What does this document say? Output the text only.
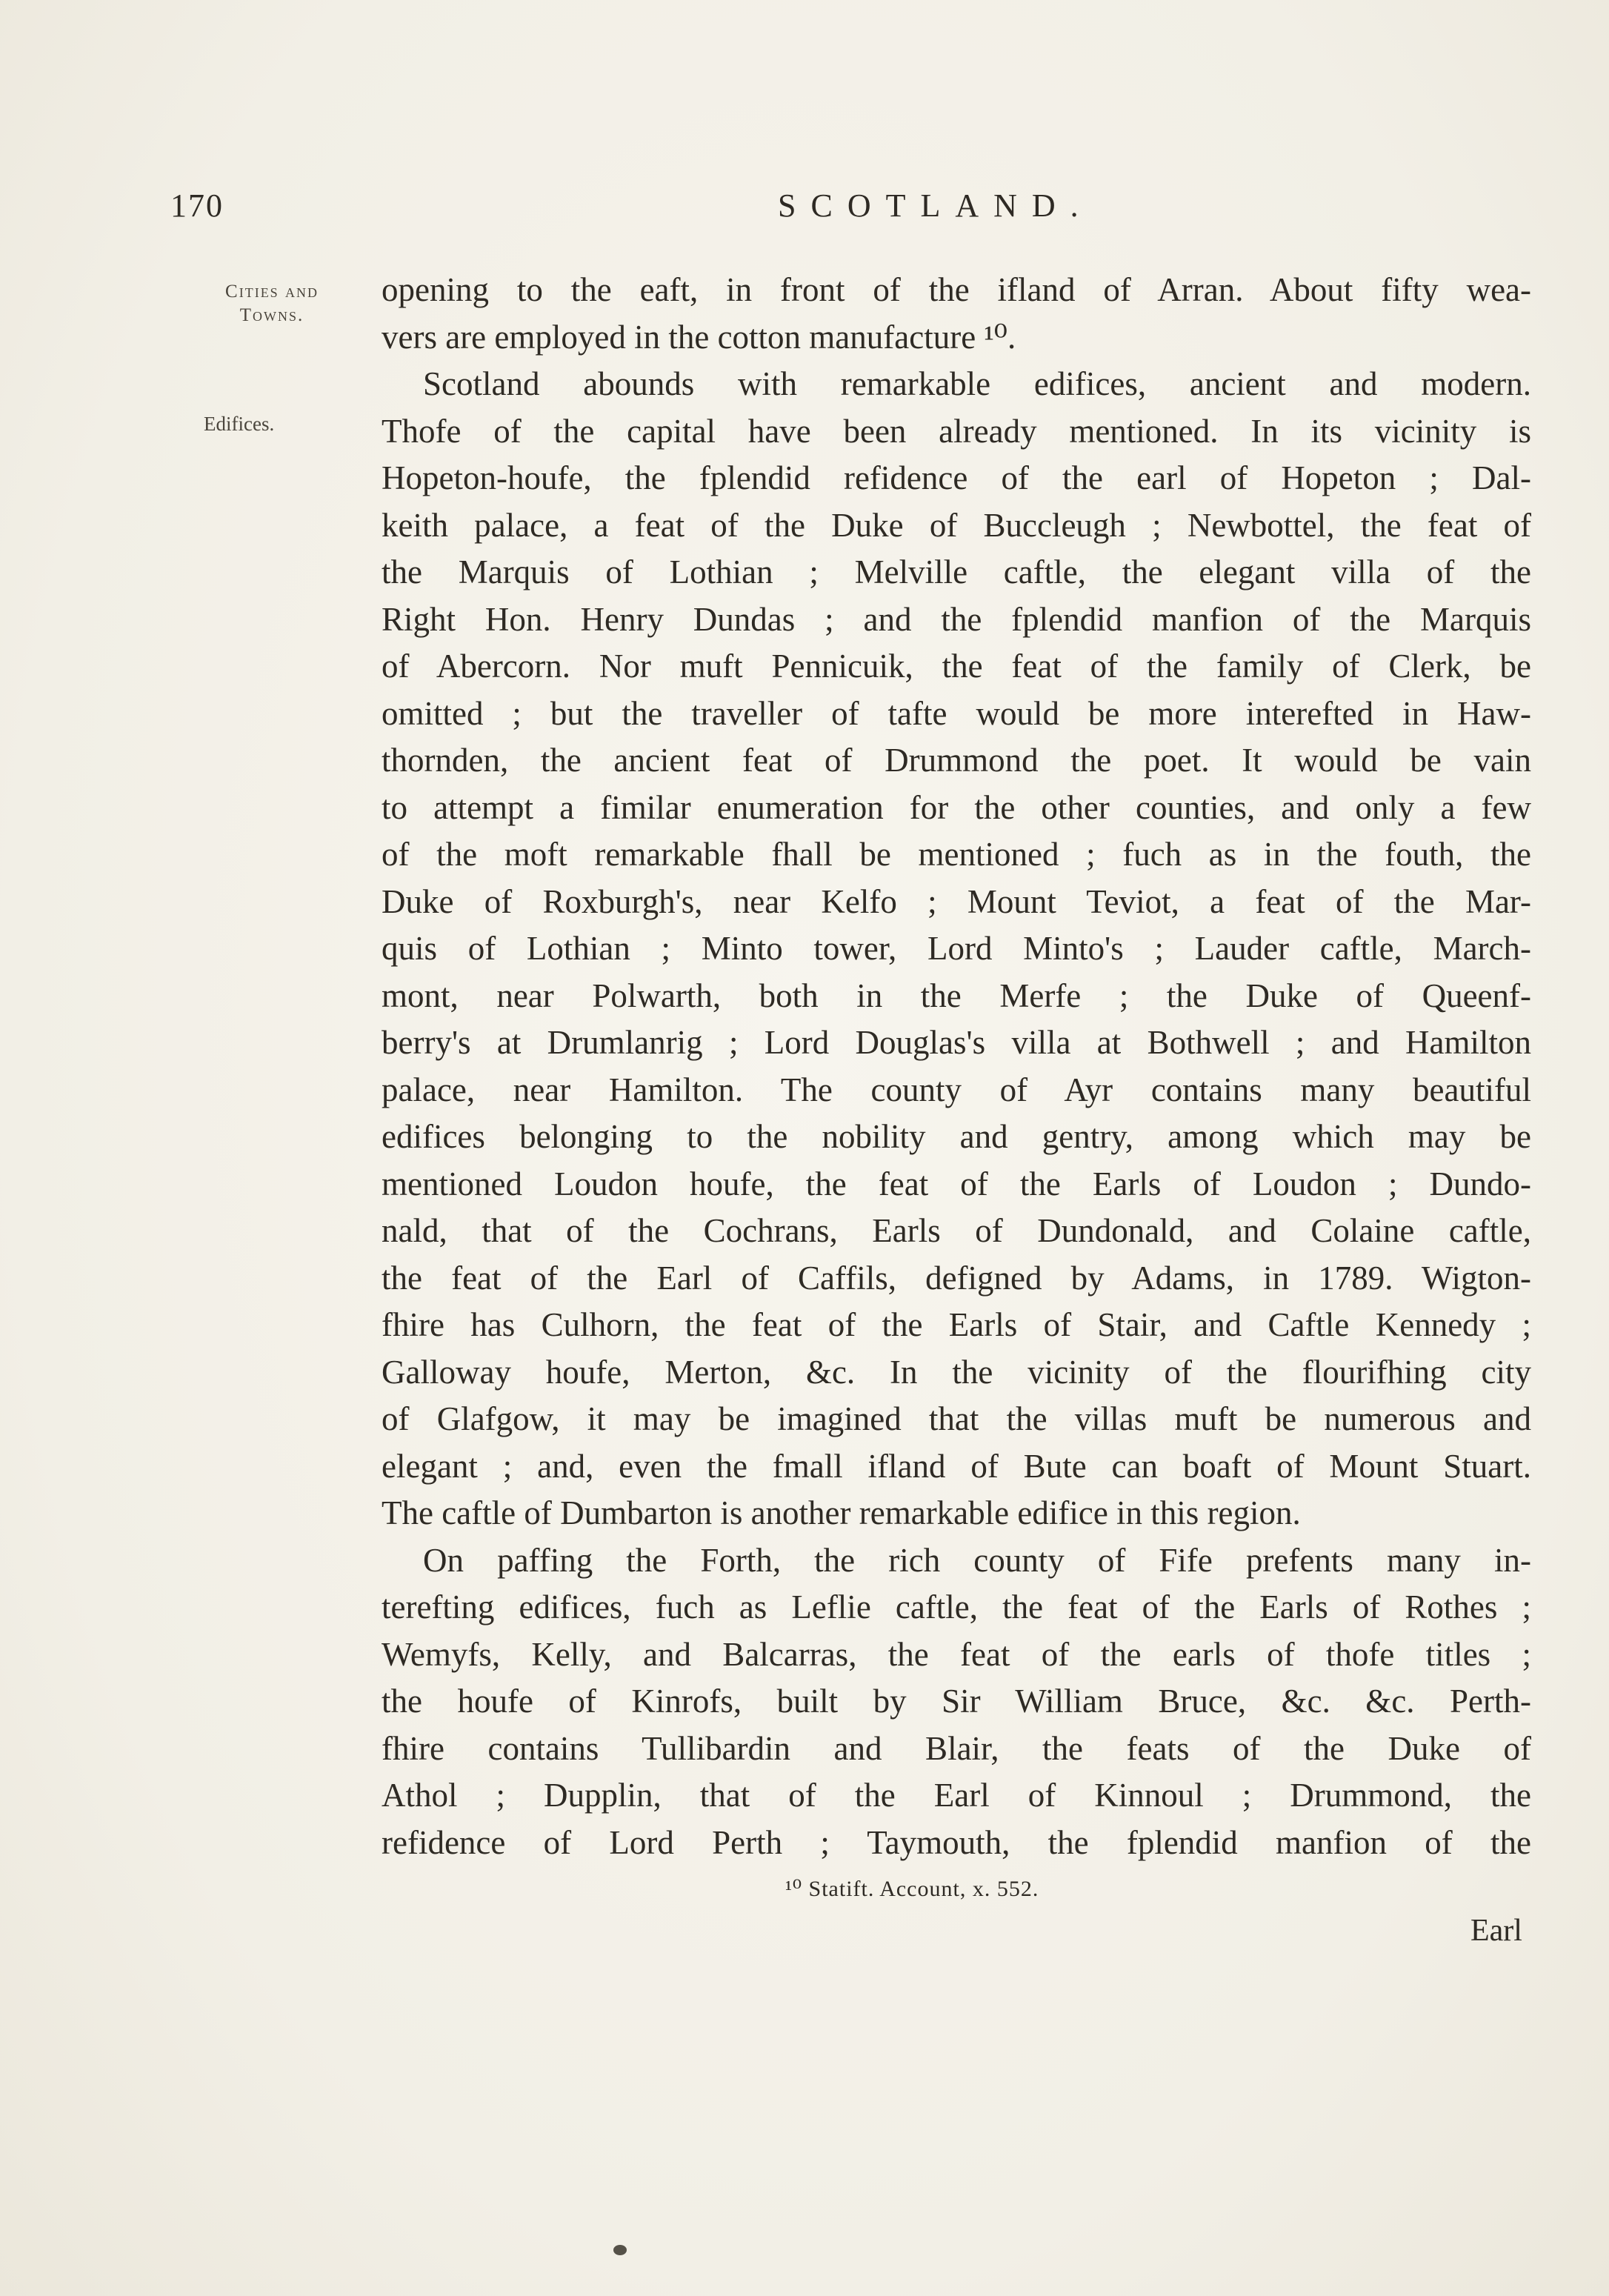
170	SCOTLAND.
Cities and Towns.
Edifices.
opening to the eaft, in front of the ifland of Arran. About fifty wea-
vers are employed in the cotton manufacture ¹⁰.
Scotland abounds with remarkable edifices, ancient and modern.
Thofe of the capital have been already mentioned. In its vicinity is
Hopeton-houfe, the fplendid refidence of the earl of Hopeton ; Dal-
keith palace, a feat of the Duke of Buccleugh ; Newbottel, the feat of
the Marquis of Lothian ; Melville caftle, the elegant villa of the
Right Hon. Henry Dundas ; and the fplendid manfion of the Marquis
of Abercorn. Nor muft Pennicuik, the feat of the family of Clerk, be
omitted ; but the traveller of tafte would be more interefted in Haw-
thornden, the ancient feat of Drummond the poet. It would be vain
to attempt a fimilar enumeration for the other counties, and only a few
of the moft remarkable fhall be mentioned ; fuch as in the fouth, the
Duke of Roxburgh's, near Kelfo ; Mount Teviot, a feat of the Mar-
quis of Lothian ; Minto tower, Lord Minto's ; Lauder caftle, March-
mont, near Polwarth, both in the Merfe ; the Duke of Queenf-
berry's at Drumlanrig ; Lord Douglas's villa at Bothwell ; and Hamilton
palace, near Hamilton. The county of Ayr contains many beautiful
edifices belonging to the nobility and gentry, among which may be
mentioned Loudon houfe, the feat of the Earls of Loudon ; Dundo-
nald, that of the Cochrans, Earls of Dundonald, and Colaine caftle,
the feat of the Earl of Caffils, defigned by Adams, in 1789. Wigton-
fhire has Culhorn, the feat of the Earls of Stair, and Caftle Kennedy ;
Galloway houfe, Merton, &c. In the vicinity of the flourifhing city
of Glafgow, it may be imagined that the villas muft be numerous and
elegant ; and, even the fmall ifland of Bute can boaft of Mount Stuart.
The caftle of Dumbarton is another remarkable edifice in this region.
On paffing the Forth, the rich county of Fife prefents many in-
terefting edifices, fuch as Leflie caftle, the feat of the Earls of Rothes ;
Wemyfs, Kelly, and Balcarras, the feat of the earls of thofe titles ;
the houfe of Kinrofs, built by Sir William Bruce, &c. &c. Perth-
fhire contains Tullibardin and Blair, the feats of the Duke of
Athol ; Dupplin, that of the Earl of Kinnoul ; Drummond, the
refidence of Lord Perth ; Taymouth, the fplendid manfion of the
¹⁰ Statift. Account, x. 552.
Earl
